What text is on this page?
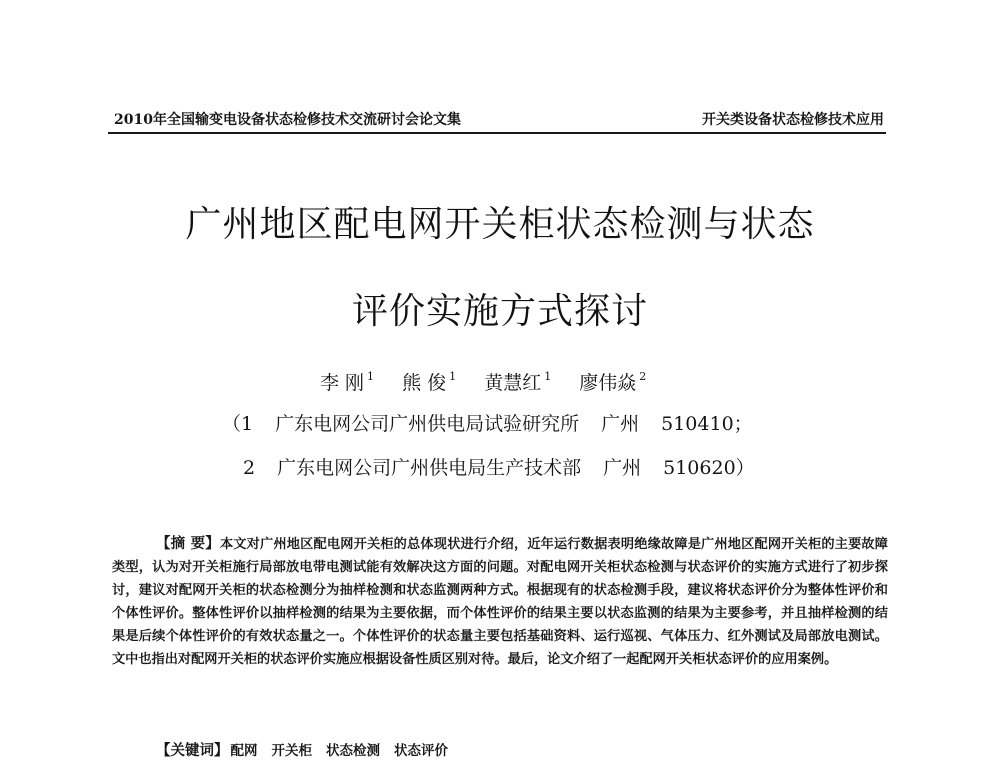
2010年全国输变电设备状态检修技术交流研讨会论文集	开关类设备状态检修技术应用
广州地区配电网开关柜状态检测与状态
评价实施方式探讨
李 刚 $^1$ 熊 俊 $^1$ 黄慧红 $^1$ 廖伟焱 $^2$
（1 广东电网公司广州供电局试验研究所 广州 510410；
2 广东电网公司广州供电局生产技术部 广州 510620）
【摘 要】本文对广州地区配电网开关柜的总体现状进行介绍，近年运行数据表明绝缘故障是广州地区配网开关柜的主要故障类型，认为对开关柜施行局部放电带电测试能有效解决这方面的问题。对配电网开关柜状态检测与状态评价的实施方式进行了初步探讨，建议对配网开关柜的状态检测分为抽样检测和状态监测两种方式。根据现有的状态检测手段，建议将状态评价分为整体性评价和个体性评价。整体性评价以抽样检测的结果为主要依据，而个体性评价的结果主要以状态监测的结果为主要参考，并且抽样检测的结果是后续个体性评价的有效状态量之一。个体性评价的状态量主要包括基础资料、运行巡视、气体压力、红外测试及局部放电测试。文中也指出对配网开关柜的状态评价实施应根据设备性质区别对待。最后，论文介绍了一起配网开关柜状态评价的应用案例。
【关键词】 配网 开关柜 状态检测 状态评价
